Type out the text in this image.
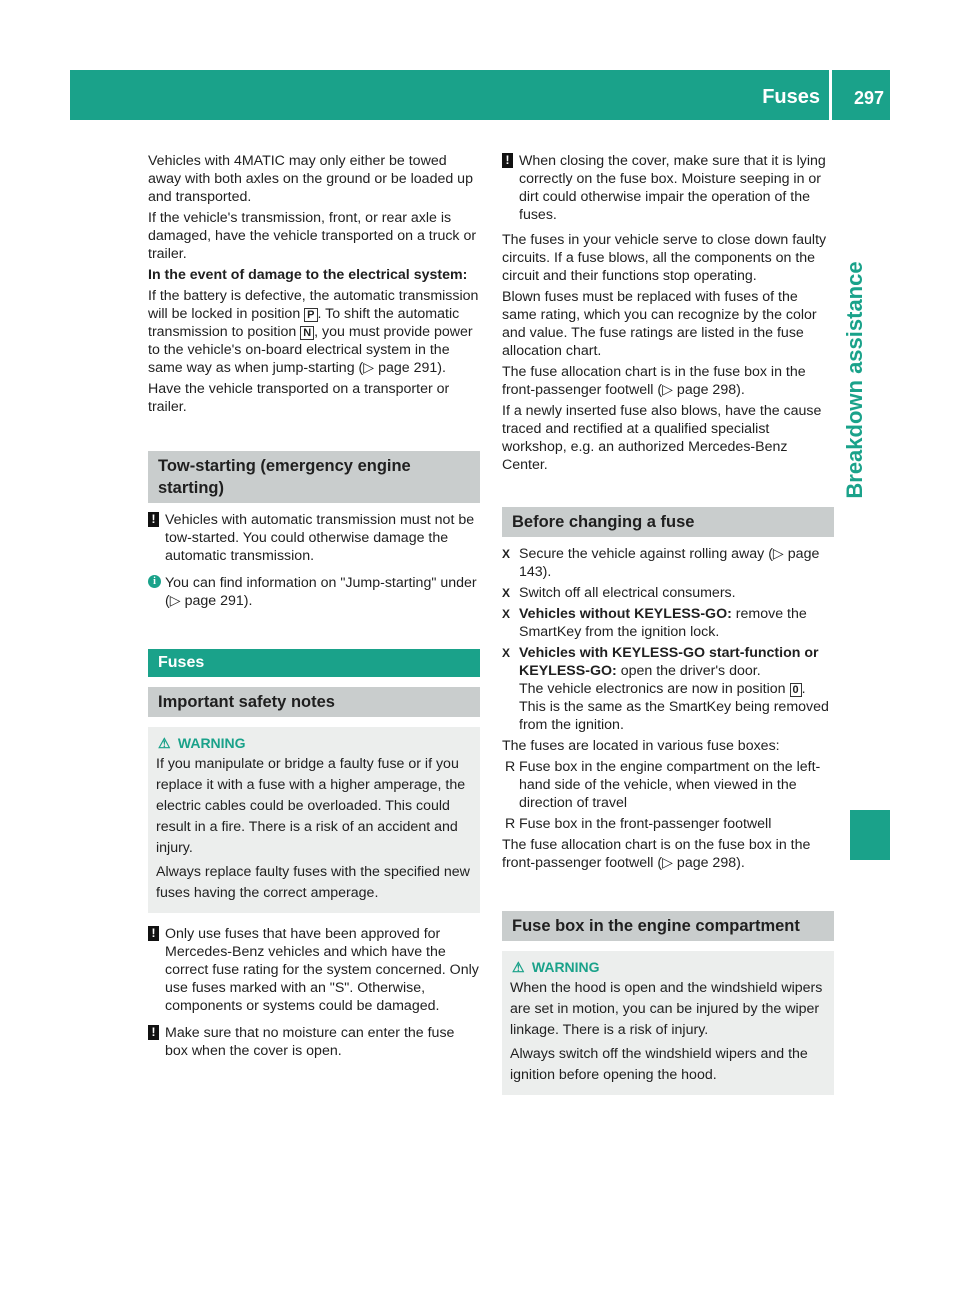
Fuses 297
Breakdown assistance

Vehicles with 4MATIC may only either be towed away with both axles on the ground or be loaded up and transported.

If the vehicle's transmission, front, or rear axle is damaged, have the vehicle transported on a truck or trailer.

In the event of damage to the electrical system:

If the battery is defective, the automatic transmission will be locked in position P . To shift the automatic transmission to position N , you must provide power to the vehicle's on-board electrical system in the same way as when jump-starting (▷ page 291).

Have the vehicle transported on a transporter or trailer.

Tow-starting (emergency engine starting)
! Vehicles with automatic transmission must not be tow-started. You could otherwise damage the automatic transmission.
i You can find information on "Jump-starting" under (▷ page 291).
Fuses
Important safety notes
⚠ WARNING

If you manipulate or bridge a faulty fuse or if you replace it with a fuse with a higher amperage, the electric cables could be overloaded. This could result in a fire. There is a risk of an accident and injury.

Always replace faulty fuses with the specified new fuses having the correct amperage.

! Only use fuses that have been approved for Mercedes-Benz vehicles and which have the correct fuse rating for the system concerned. Only use fuses marked with an "S". Otherwise, components or systems could be damaged.
! Make sure that no moisture can enter the fuse box when the cover is open.
! When closing the cover, make sure that it is lying correctly on the fuse box. Moisture seeping in or dirt could otherwise impair the operation of the fuses.

The fuses in your vehicle serve to close down faulty circuits. If a fuse blows, all the components on the circuit and their functions stop operating.

Blown fuses must be replaced with fuses of the same rating, which you can recognize by the color and value. The fuse ratings are listed in the fuse allocation chart.

The fuse allocation chart is in the fuse box in the front-passenger footwell (▷ page 298).

If a newly inserted fuse also blows, have the cause traced and rectified at a qualified specialist workshop, e.g. an authorized Mercedes-Benz Center.

Before changing a fuse
X Secure the vehicle against rolling away (▷ page 143).
X Switch off all electrical consumers.
X Vehicles without KEYLESS-GO: remove the SmartKey from the ignition lock.
X Vehicles with KEYLESS-GO start-function or KEYLESS-GO: open the driver's door.
The vehicle electronics are now in position 0 . This is the same as the SmartKey being removed from the ignition.

The fuses are located in various fuse boxes:

R Fuse box in the engine compartment on the left-hand side of the vehicle, when viewed in the direction of travel
R Fuse box in the front-passenger footwell

The fuse allocation chart is on the fuse box in the front-passenger footwell (▷ page 298).

Fuse box in the engine compartment
⚠ WARNING

When the hood is open and the windshield wipers are set in motion, you can be injured by the wiper linkage. There is a risk of injury.

Always switch off the windshield wipers and the ignition before opening the hood.
